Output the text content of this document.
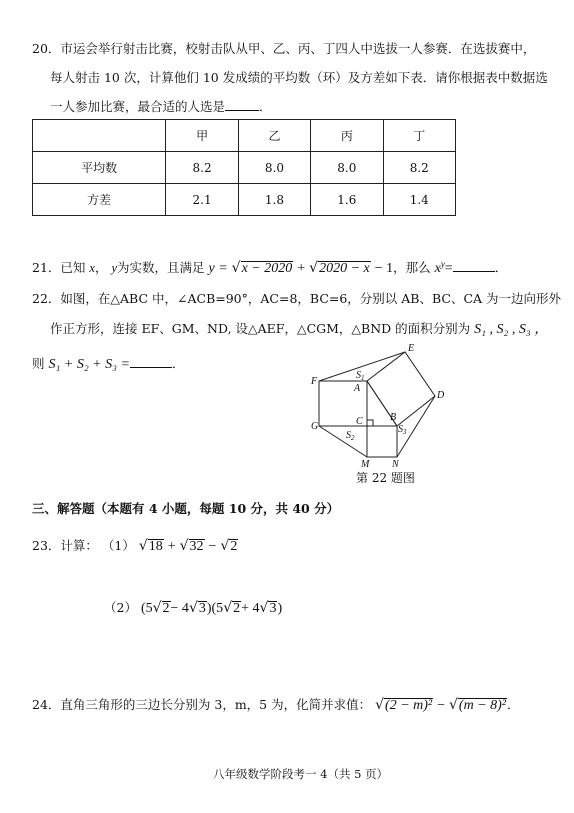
20．市运会举行射击比赛，校射击队从甲、乙、丙、丁四人中选拔一人参赛．在选拔赛中，
每人射击 10 次，计算他们 10 发成绩的平均数（环）及方差如下表．请你根据表中数据选
一人参加比赛，最合适的人选是	．
	甲	乙	丙	丁
平均数	8.2	8.0	8.0	8.2
方差	2.1	1.8	1.6	1.4
21．已知 x， y为实数，且满足 y = √x − 2020 + √2020 − x − 1，那么 $x^y=$	．
22．如图，在△ABC 中，∠ACB=90°，AC=8，BC=6，分别以 AB、BC、CA 为一边向形外
作正方形，连接 EF、GM、ND, 设△AEF，△CGM，△BND 的面积分别为 S₁ , S₂ , S₃ ，
则 S₁ + S₂ + S₃ =	．
E
F
A
D
C	B
G
M N
$S_1$
$S_2$
$S_3$
第 22 题图
三、解答题（本题有 4 小题，每题 10 分，共 40 分）
23．计算： （1） √18 + √32 − √2
（2） (5√2− 4√3)(5√2+ 4√3)
24．直角三角形的三边长分别为 3，m，5 为，化简并求值： √(2 − m)² − √(m − 8)²．
八年级数学阶段考一 4（共 5 页）
